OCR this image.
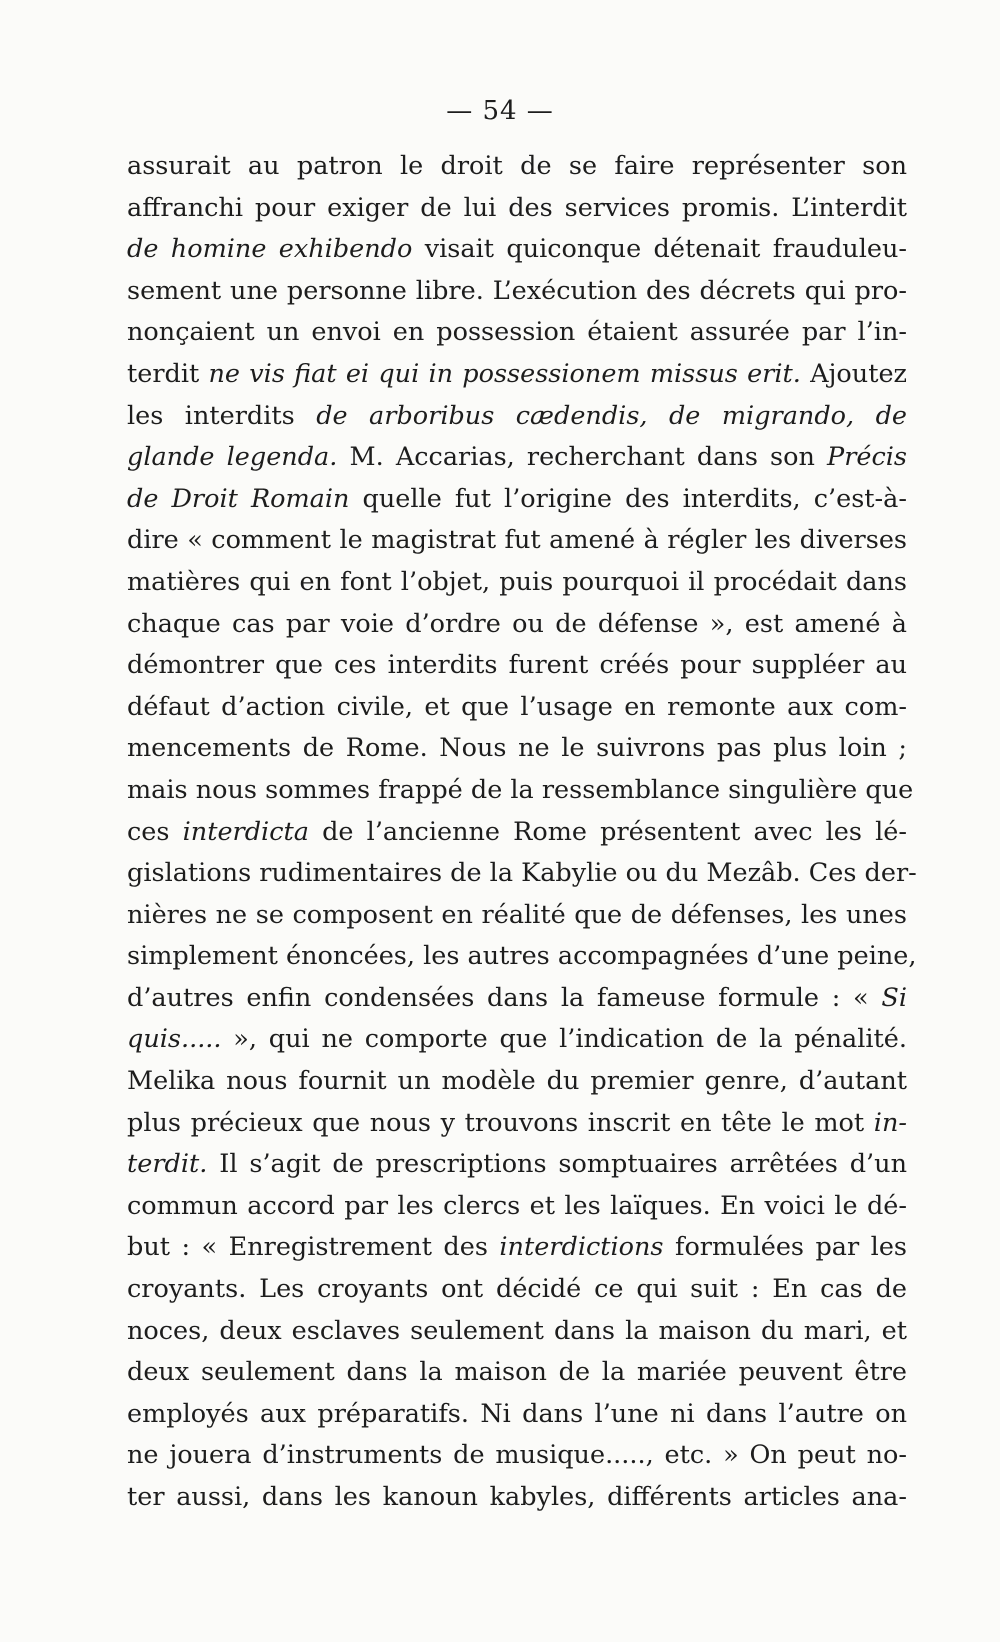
— 54 —
assurait au patron le droit de se faire représenter son
affranchi pour exiger de lui des services promis. L’interdit
de homine exhibendo visait quiconque détenait frauduleu-
sement une personne libre. L’exécution des décrets qui pro-
nonçaient un envoi en possession étaient assurée par l’in-
terdit ne vis fiat ei qui in possessionem missus erit. Ajoutez
les interdits de arboribus cædendis, de migrando, de
glande legenda. M. Accarias, recherchant dans son Précis
de Droit Romain quelle fut l’origine des interdits, c’est-à-
dire « comment le magistrat fut amené à régler les diverses
matières qui en font l’objet, puis pourquoi il procédait dans
chaque cas par voie d’ordre ou de défense », est amené à
démontrer que ces interdits furent créés pour suppléer au
défaut d’action civile, et que l’usage en remonte aux com-
mencements de Rome. Nous ne le suivrons pas plus loin ;
mais nous sommes frappé de la ressemblance singulière que
ces interdicta de l’ancienne Rome présentent avec les lé-
gislations rudimentaires de la Kabylie ou du Mezâb. Ces der-
nières ne se composent en réalité que de défenses, les unes
simplement énoncées, les autres accompagnées d’une peine,
d’autres enfin condensées dans la fameuse formule : « Si
quis..... », qui ne comporte que l’indication de la pénalité.
Melika nous fournit un modèle du premier genre, d’autant
plus précieux que nous y trouvons inscrit en tête le mot in-
terdit. Il s’agit de prescriptions somptuaires arrêtées d’un
commun accord par les clercs et les laïques. En voici le dé-
but : « Enregistrement des interdictions formulées par les
croyants. Les croyants ont décidé ce qui suit : En cas de
noces, deux esclaves seulement dans la maison du mari, et
deux seulement dans la maison de la mariée peuvent être
employés aux préparatifs. Ni dans l’une ni dans l’autre on
ne jouera d’instruments de musique....., etc. » On peut no-
ter aussi, dans les kanoun kabyles, différents articles ana-
